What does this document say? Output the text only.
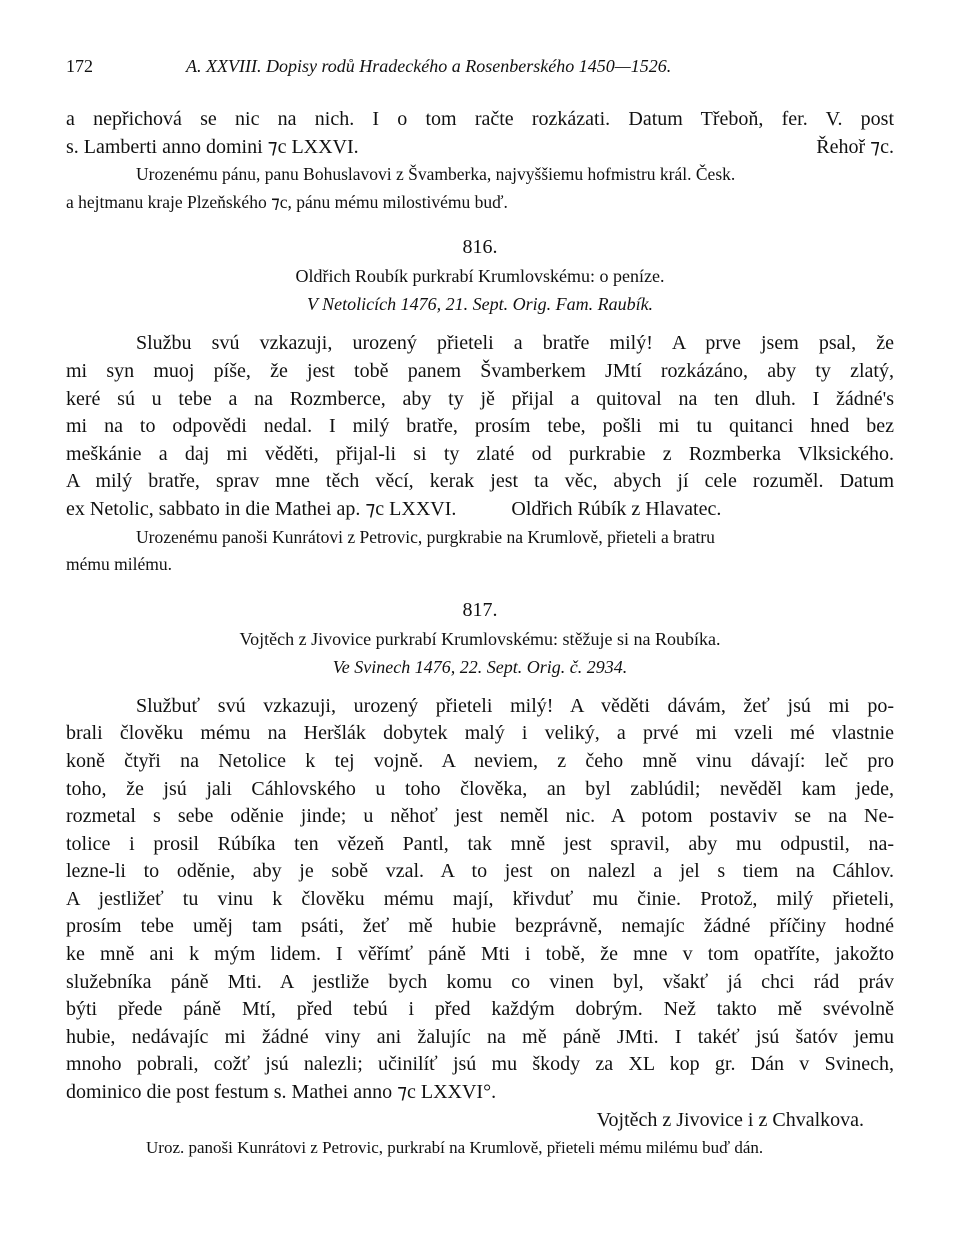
172	A. XXVIII. Dopisy rodů Hradeckého a Rosenberského 1450—1526.
a nepřichová se nic na nich. I o tom račte rozkázati. Datum Třeboň, fer. V. post
s. Lamberti anno domini ⁊c LXXVI.	Řehoř ⁊c.
Urozenému pánu, panu Bohuslavovi z Švamberka, najvyššiemu hofmistru král. Česk.
a hejtmanu kraje Plzeňského ⁊c, pánu mému milostivému buď.
816.
Oldřich Roubík purkrabí Krumlovskému: o peníze.
V Netolicích 1476, 21. Sept. Orig. Fam. Raubík.
Službu svú vzkazuji, urozený přieteli a bratře milý! A prve jsem psal, že
mi syn muoj píše, že jest tobě panem Švamberkem JMtí rozkázáno, aby ty zlatý,
keré sú u tebe a na Rozmberce, aby ty jě přijal a quitoval na ten dluh. I žádné's
mi na to odpovědi nedal. I milý bratře, prosím tebe, pošli mi tu quitanci hned bez
meškánie a daj mi věděti, přijal-li si ty zlaté od purkrabie z Rozmberka Vlksického.
A milý bratře, sprav mne těch věcí, kerak jest ta věc, abych jí cele rozuměl. Datum
ex Netolic, sabbato in die Mathei ap. ⁊c LXXVI.	Oldřich Rúbík z Hlavatec.
Urozenému panoši Kunrátovi z Petrovic, purgkrabie na Krumlově, přieteli a bratru
mému milému.
817.
Vojtěch z Jivovice purkrabí Krumlovskému: stěžuje si na Roubíka.
Ve Svinech 1476, 22. Sept. Orig. č. 2934.
Službuť svú vzkazuji, urozený přieteli milý! A věděti dávám, žeť jsú mi po-
brali člověku mému na Heršlák dobytek malý i veliký, a prvé mi vzeli mé vlastnie
koně čtyři na Netolice k tej vojně. A neviem, z čeho mně vinu dávají: leč pro
toho, že jsú jali Cáhlovského u toho člověka, an byl zablúdil; nevěděl kam jede,
rozmetal s sebe oděnie jinde; u něhoť jest neměl nic. A potom postaviv se na Ne-
tolice i prosil Rúbíka ten vězeň Pantl, tak mně jest spravil, aby mu odpustil, na-
lezne-li to oděnie, aby je sobě vzal. A to jest on nalezl a jel s tiem na Cáhlov.
A jestližeť tu vinu k člověku mému mají, křivduť mu činie. Protož, milý přieteli,
prosím tebe uměj tam psáti, žeť mě hubie bezprávně, nemajíc žádné příčiny hodné
ke mně ani k mým lidem. I věřímť páně Mti i tobě, že mne v tom opatříte, jakožto
služebníka páně Mti. A jestliže bych komu co vinen byl, všakť já chci rád práv
býti přede páně Mtí, před tebú i před každým dobrým. Než takto mě svévolně
hubie, nedávajíc mi žádné viny ani žalujíc na mě páně JMti. I takéť jsú šatóv jemu
mnoho pobrali, cožť jsú nalezli; učinilíť jsú mu škody za XL kop gr. Dán v Svinech,
dominico die post festum s. Mathei anno ⁊c LXXVI°.
Vojtěch z Jivovice i z Chvalkova.
Uroz. panoši Kunrátovi z Petrovic, purkrabí na Krumlově, přieteli mému milému buď dán.
